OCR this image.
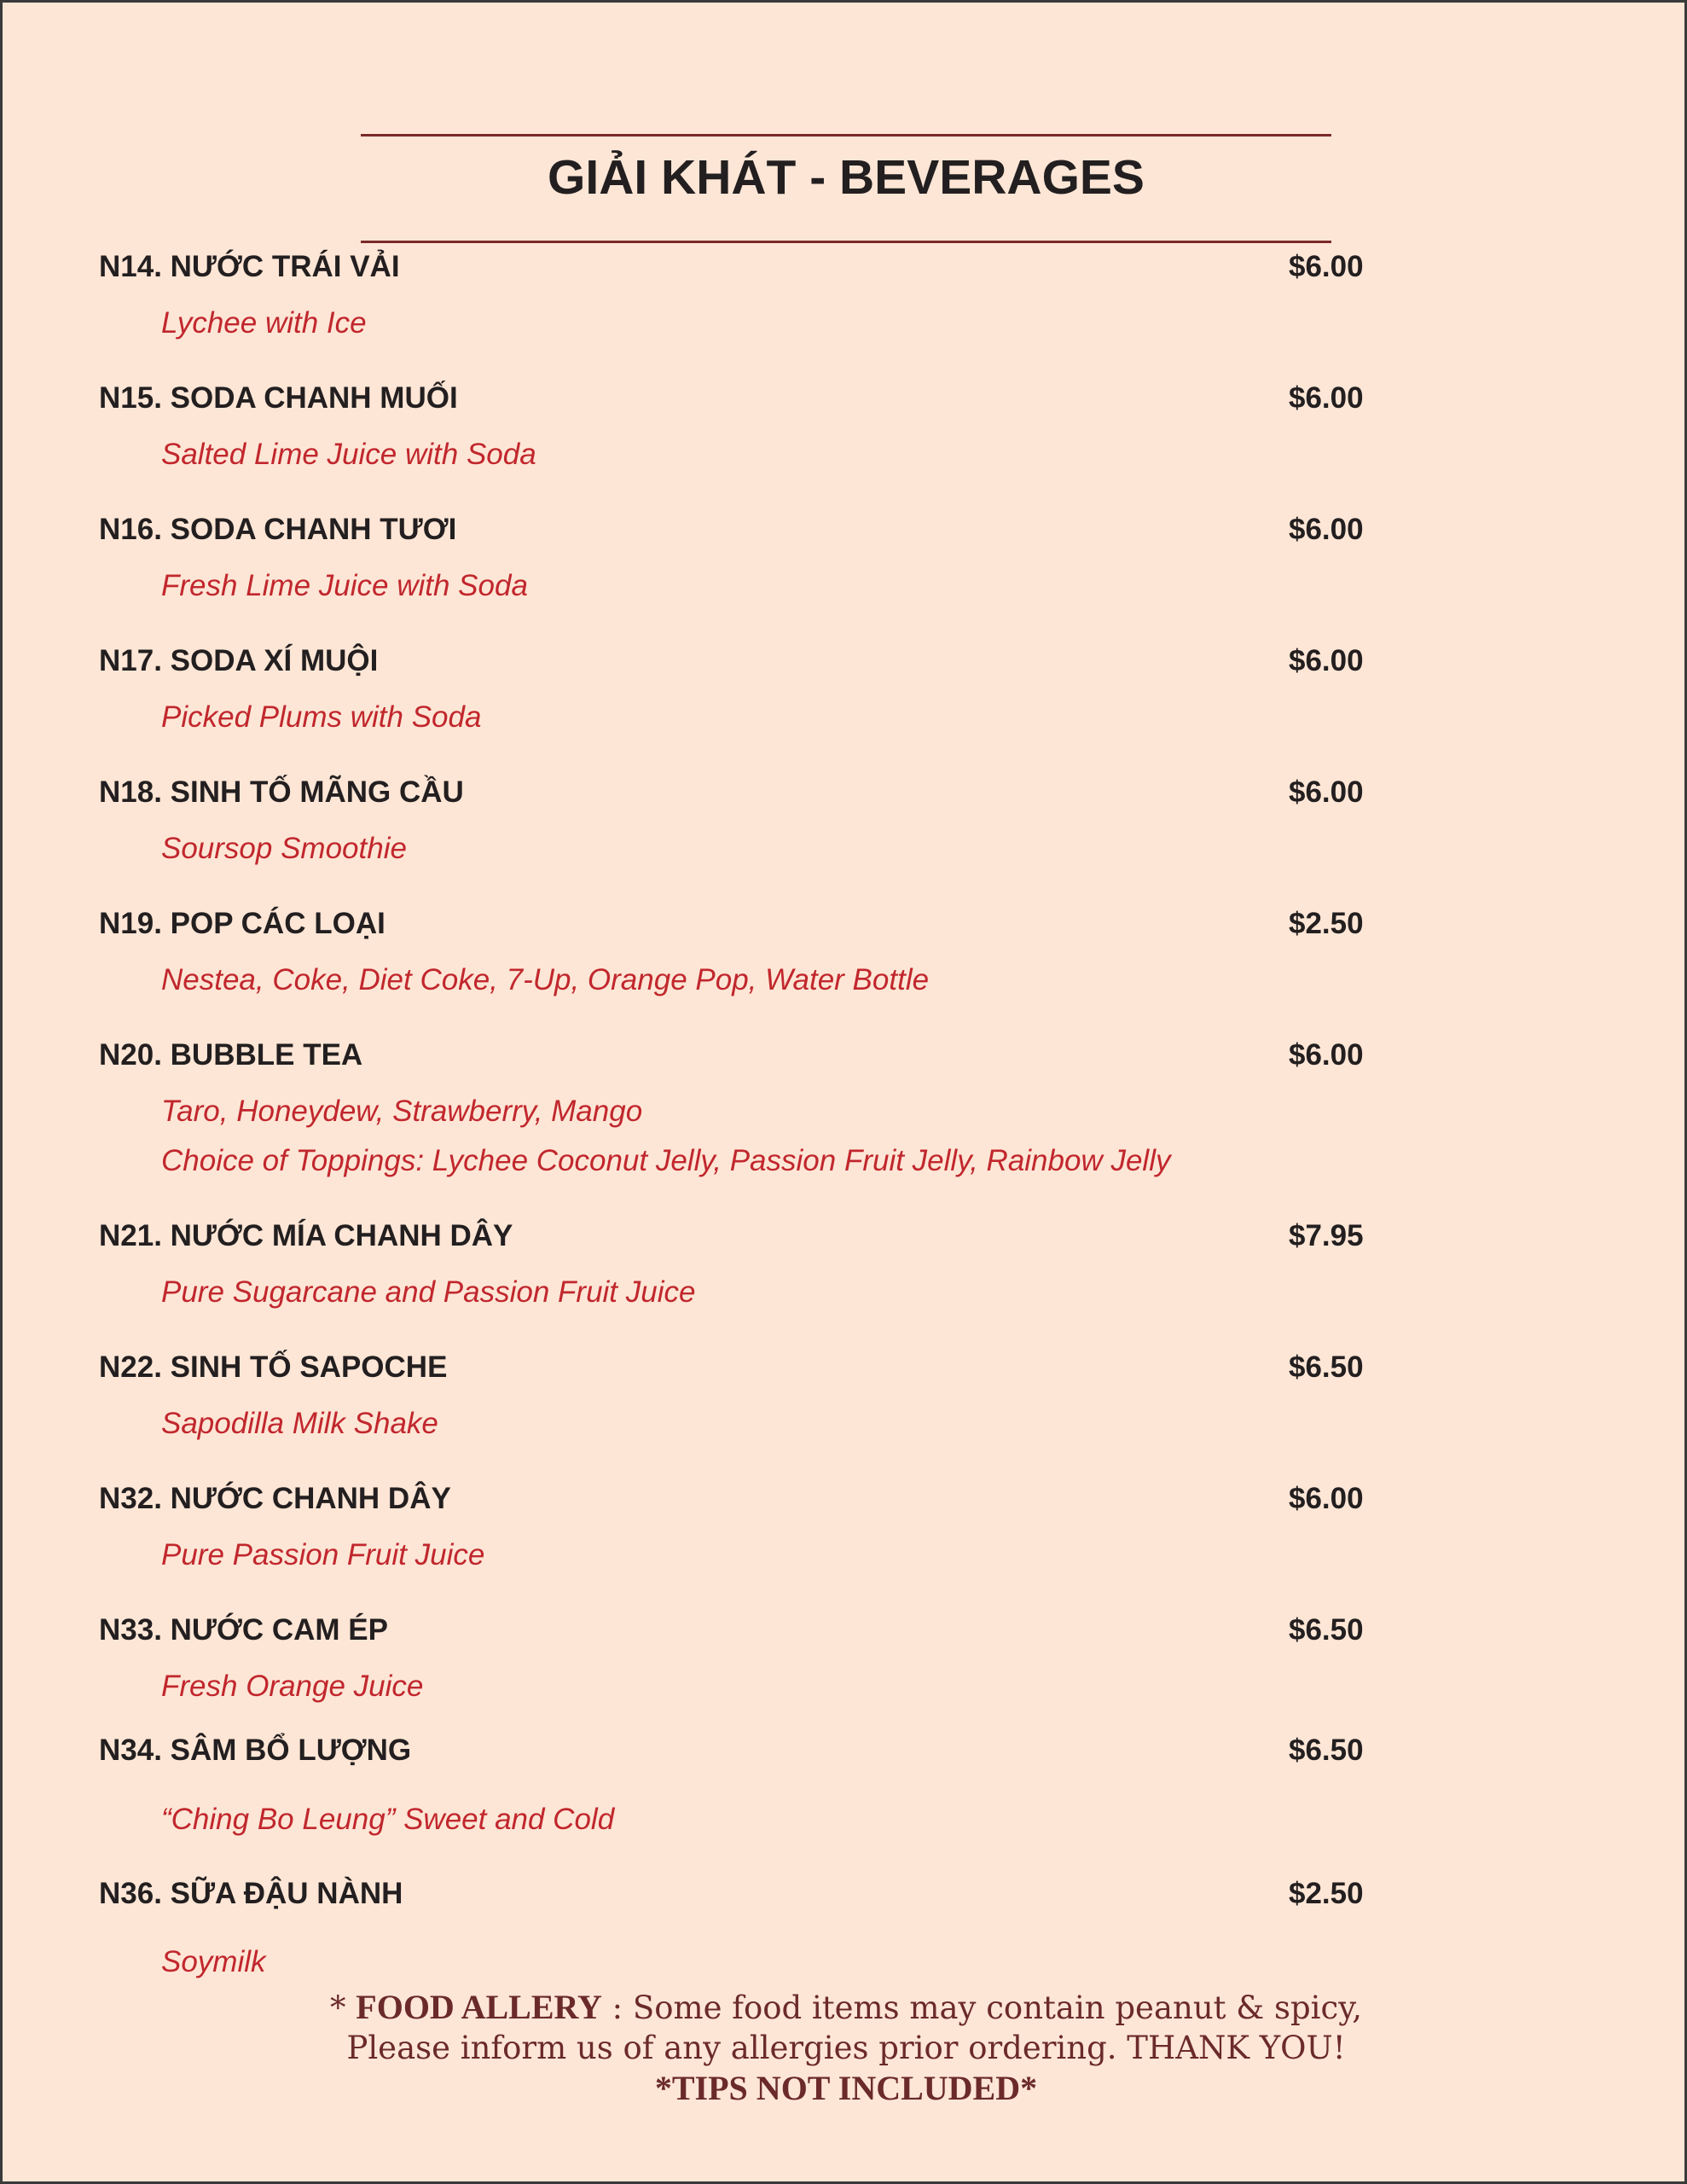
GIẢI KHÁT - BEVERAGES
N14. NƯỚC TRÁI VẢI	$6.00
Lychee with Ice
N15. SODA CHANH MUỐI	$6.00
Salted Lime Juice with Soda
N16. SODA CHANH TƯƠI	$6.00
Fresh Lime Juice with Soda
N17. SODA XÍ MUỘI	$6.00
Picked Plums with Soda
N18. SINH TỐ MÃNG CẦU	$6.00
Soursop Smoothie
N19. POP CÁC LOẠI	$2.50
Nestea, Coke, Diet Coke, 7-Up, Orange Pop, Water Bottle
N20. BUBBLE TEA	$6.00
Taro, Honeydew, Strawberry, Mango
Choice of Toppings: Lychee Coconut Jelly, Passion Fruit Jelly, Rainbow Jelly
N21. NƯỚC MÍA CHANH DÂY	$7.95
Pure Sugarcane and Passion Fruit Juice
N22. SINH TỐ SAPOCHE	$6.50
Sapodilla Milk Shake
N32. NƯỚC CHANH DÂY	$6.00
Pure Passion Fruit Juice
N33. NƯỚC CAM ÉP	$6.50
Fresh Orange Juice
N34. SÂM BỔ LƯỢNG	$6.50
“Ching Bo Leung” Sweet and Cold
N36. SỮA ĐẬU NÀNH	$2.50
Soymilk
* FOOD ALLERY : Some food items may contain peanut & spicy,
Please inform us of any allergies prior ordering. THANK YOU!
*TIPS NOT INCLUDED*
